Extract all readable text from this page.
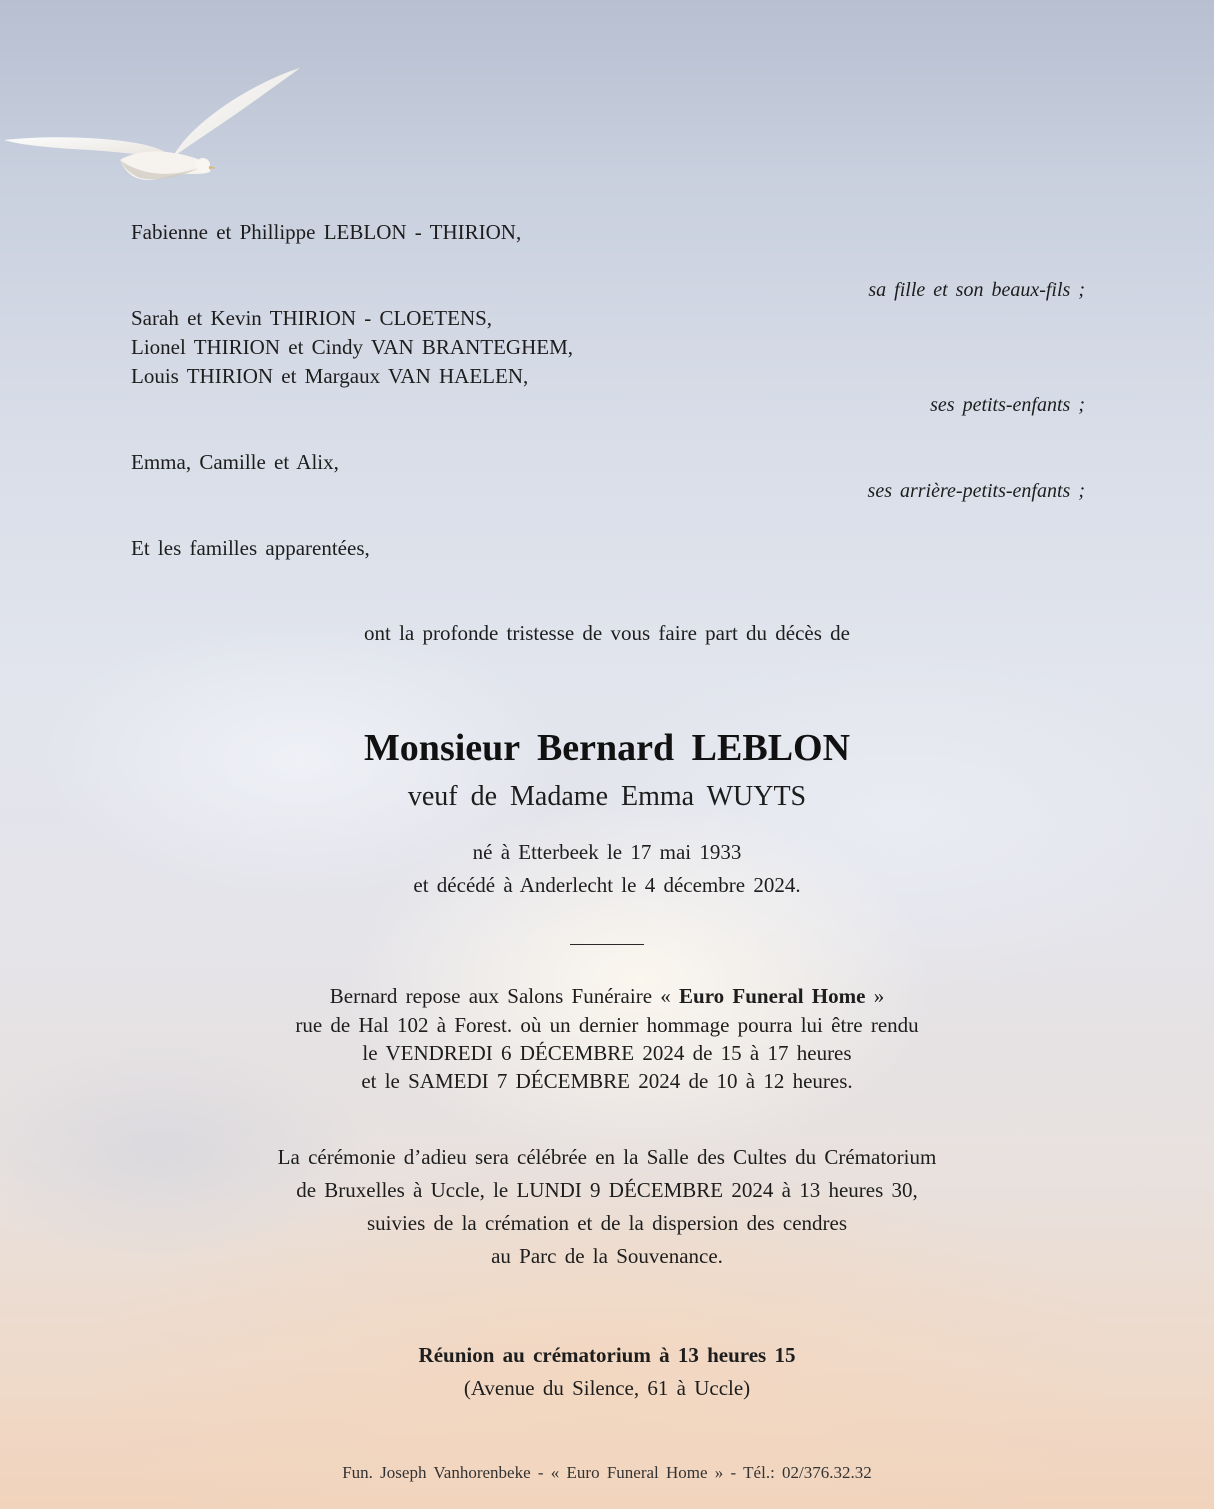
Fabienne et Phillippe LEBLON - THIRION,
sa fille et son beaux-fils ;
Sarah et Kevin THIRION - CLOETENS,
Lionel THIRION et Cindy VAN BRANTEGHEM,
Louis THIRION et Margaux VAN HAELEN,
ses petits-enfants ;
Emma, Camille et Alix,
ses arrière-petits-enfants ;
Et les familles apparentées,
ont la profonde tristesse de vous faire part du décès de
Monsieur Bernard LEBLON
veuf de Madame Emma WUYTS
né à Etterbeek le 17 mai 1933
et décédé à Anderlecht le 4 décembre 2024.
Bernard repose aux Salons Funéraire « Euro Funeral Home »
rue de Hal 102 à Forest. où un dernier hommage pourra lui être rendu
le VENDREDI 6 DÉCEMBRE 2024 de 15 à 17 heures
et le SAMEDI 7 DÉCEMBRE 2024 de 10 à 12 heures.
La cérémonie d’adieu sera célébrée en la Salle des Cultes du Crématorium
de Bruxelles à Uccle, le LUNDI 9 DÉCEMBRE 2024 à 13 heures 30,
suivies de la crémation et de la dispersion des cendres
au Parc de la Souvenance.
Réunion au crématorium à 13 heures 15
(Avenue du Silence, 61 à Uccle)
Fun. Joseph Vanhorenbeke - « Euro Funeral Home » - Tél.: 02/376.32.32
